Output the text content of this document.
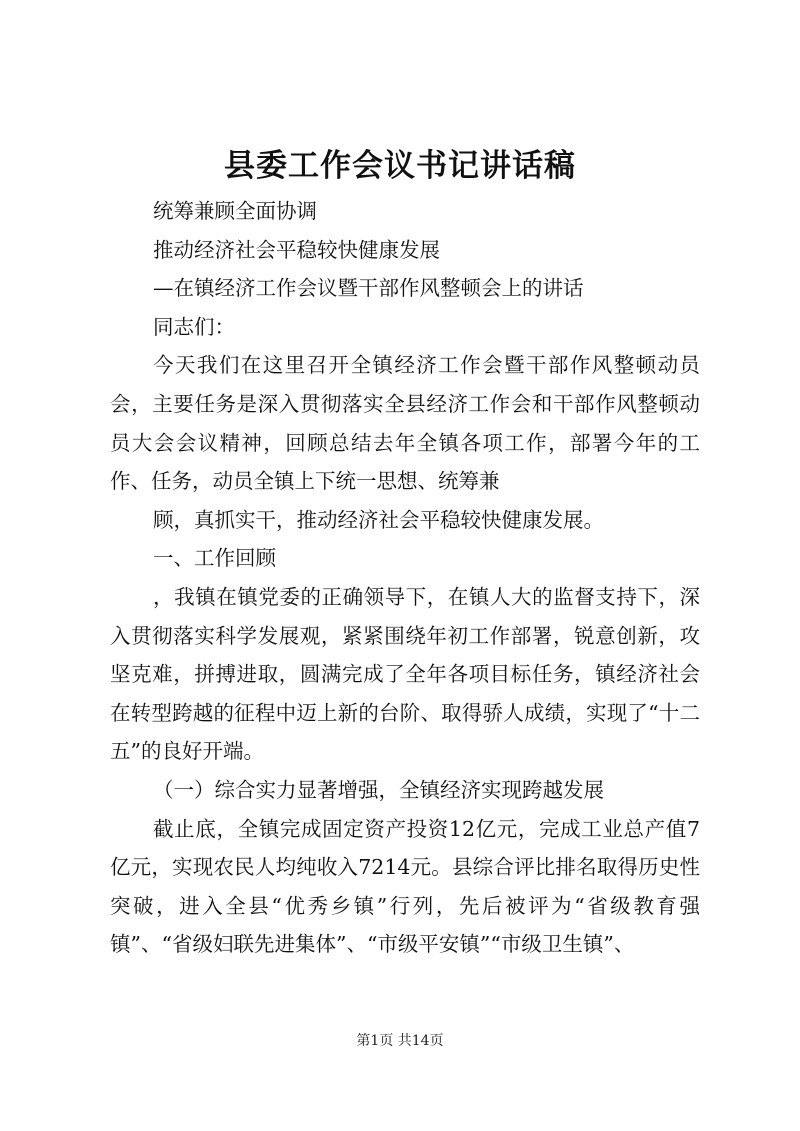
县委工作会议书记讲话稿

统筹兼顾全面协调

推动经济社会平稳较快健康发展

—在镇经济工作会议暨干部作风整顿会上的讲话

同志们：

今天我们在这里召开全镇经济工作会暨干部作风整顿动员会，主要任务是深入贯彻落实全县经济工作会和干部作风整顿动员大会会议精神，回顾总结去年全镇各项工作，部署今年的工作、任务，动员全镇上下统一思想、统筹兼

顾，真抓实干，推动经济社会平稳较快健康发展。

一、工作回顾

，我镇在镇党委的正确领导下，在镇人大的监督支持下，深入贯彻落实科学发展观，紧紧围绕年初工作部署，锐意创新，攻坚克难，拼搏进取，圆满完成了全年各项目标任务，镇经济社会在转型跨越的征程中迈上新的台阶、取得骄人成绩，实现了“十二五”的良好开端。

（一）综合实力显著增强，全镇经济实现跨越发展

截止底，全镇完成固定资产投资12亿元，完成工业总产值7亿元，实现农民人均纯收入7214元。县综合评比排名取得历史性突破，进入全县“优秀乡镇”行列，先后被评为“省级教育强镇”、“省级妇联先进集体”、“市级平安镇”“市级卫生镇”、

第1页 共14页
